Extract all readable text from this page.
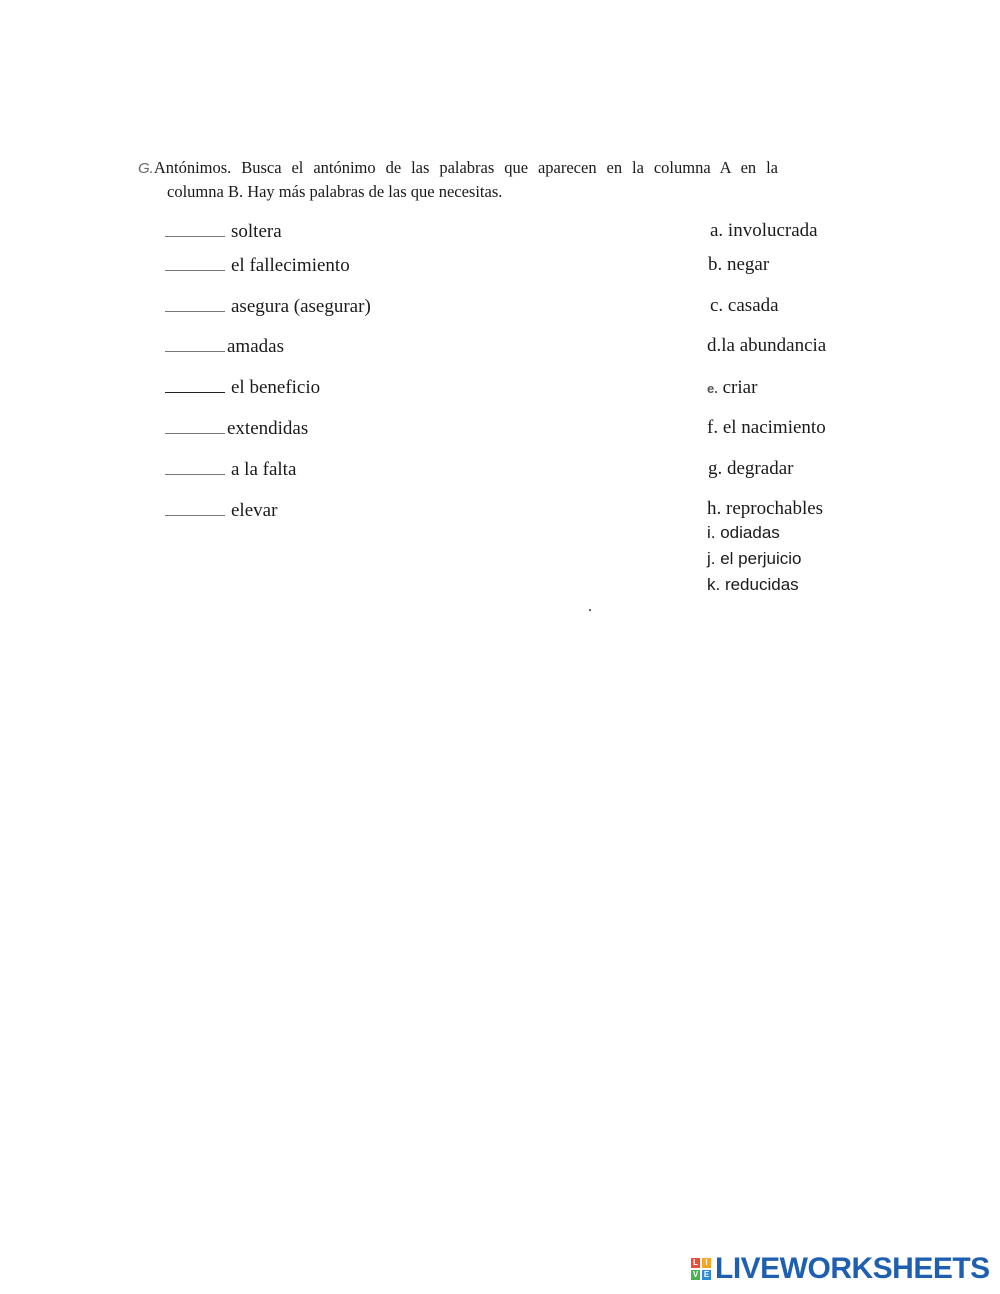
G.Antónimos. Busca el antónimo de las palabras que aparecen en la columna A en la
columna B. Hay más palabras de las que necesitas.
soltera
el fallecimiento
asegura (asegurar)
amadas
el beneficio
extendidas
a la falta
elevar
a. involucrada
b. negar
c. casada
d.la abundancia
e. criar
f. el nacimiento
g. degradar
h. reprochables
i. odiadas
j. el perjuicio
k. reducidas
.
L I
V E LIVEWORKSHEETS
